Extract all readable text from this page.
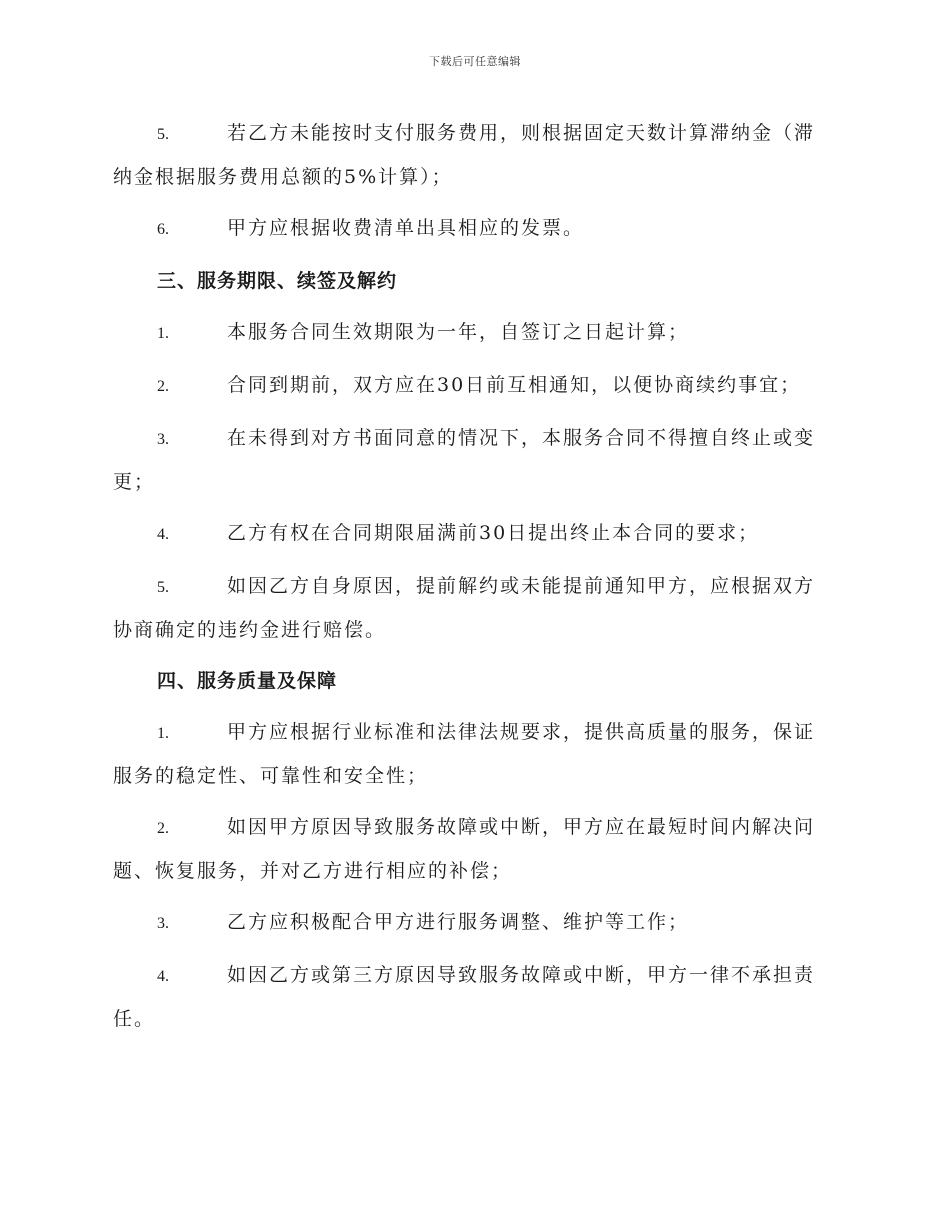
下载后可任意编辑
5.	若乙方未能按时支付服务费用，则根据固定天数计算滞纳金（滞纳金根据服务费用总额的5%计算）；
6.	甲方应根据收费清单出具相应的发票。
三、服务期限、续签及解约
1.	本服务合同生效期限为一年，自签订之日起计算；
2.	合同到期前，双方应在30日前互相通知，以便协商续约事宜；
3.	在未得到对方书面同意的情况下，本服务合同不得擅自终止或变更；
4.	乙方有权在合同期限届满前30日提出终止本合同的要求；
5.	如因乙方自身原因，提前解约或未能提前通知甲方，应根据双方协商确定的违约金进行赔偿。
四、服务质量及保障
1.	甲方应根据行业标准和法律法规要求，提供高质量的服务，保证服务的稳定性、可靠性和安全性；
2.	如因甲方原因导致服务故障或中断，甲方应在最短时间内解决问题、恢复服务，并对乙方进行相应的补偿；
3.	乙方应积极配合甲方进行服务调整、维护等工作；
4.	如因乙方或第三方原因导致服务故障或中断，甲方一律不承担责任。
